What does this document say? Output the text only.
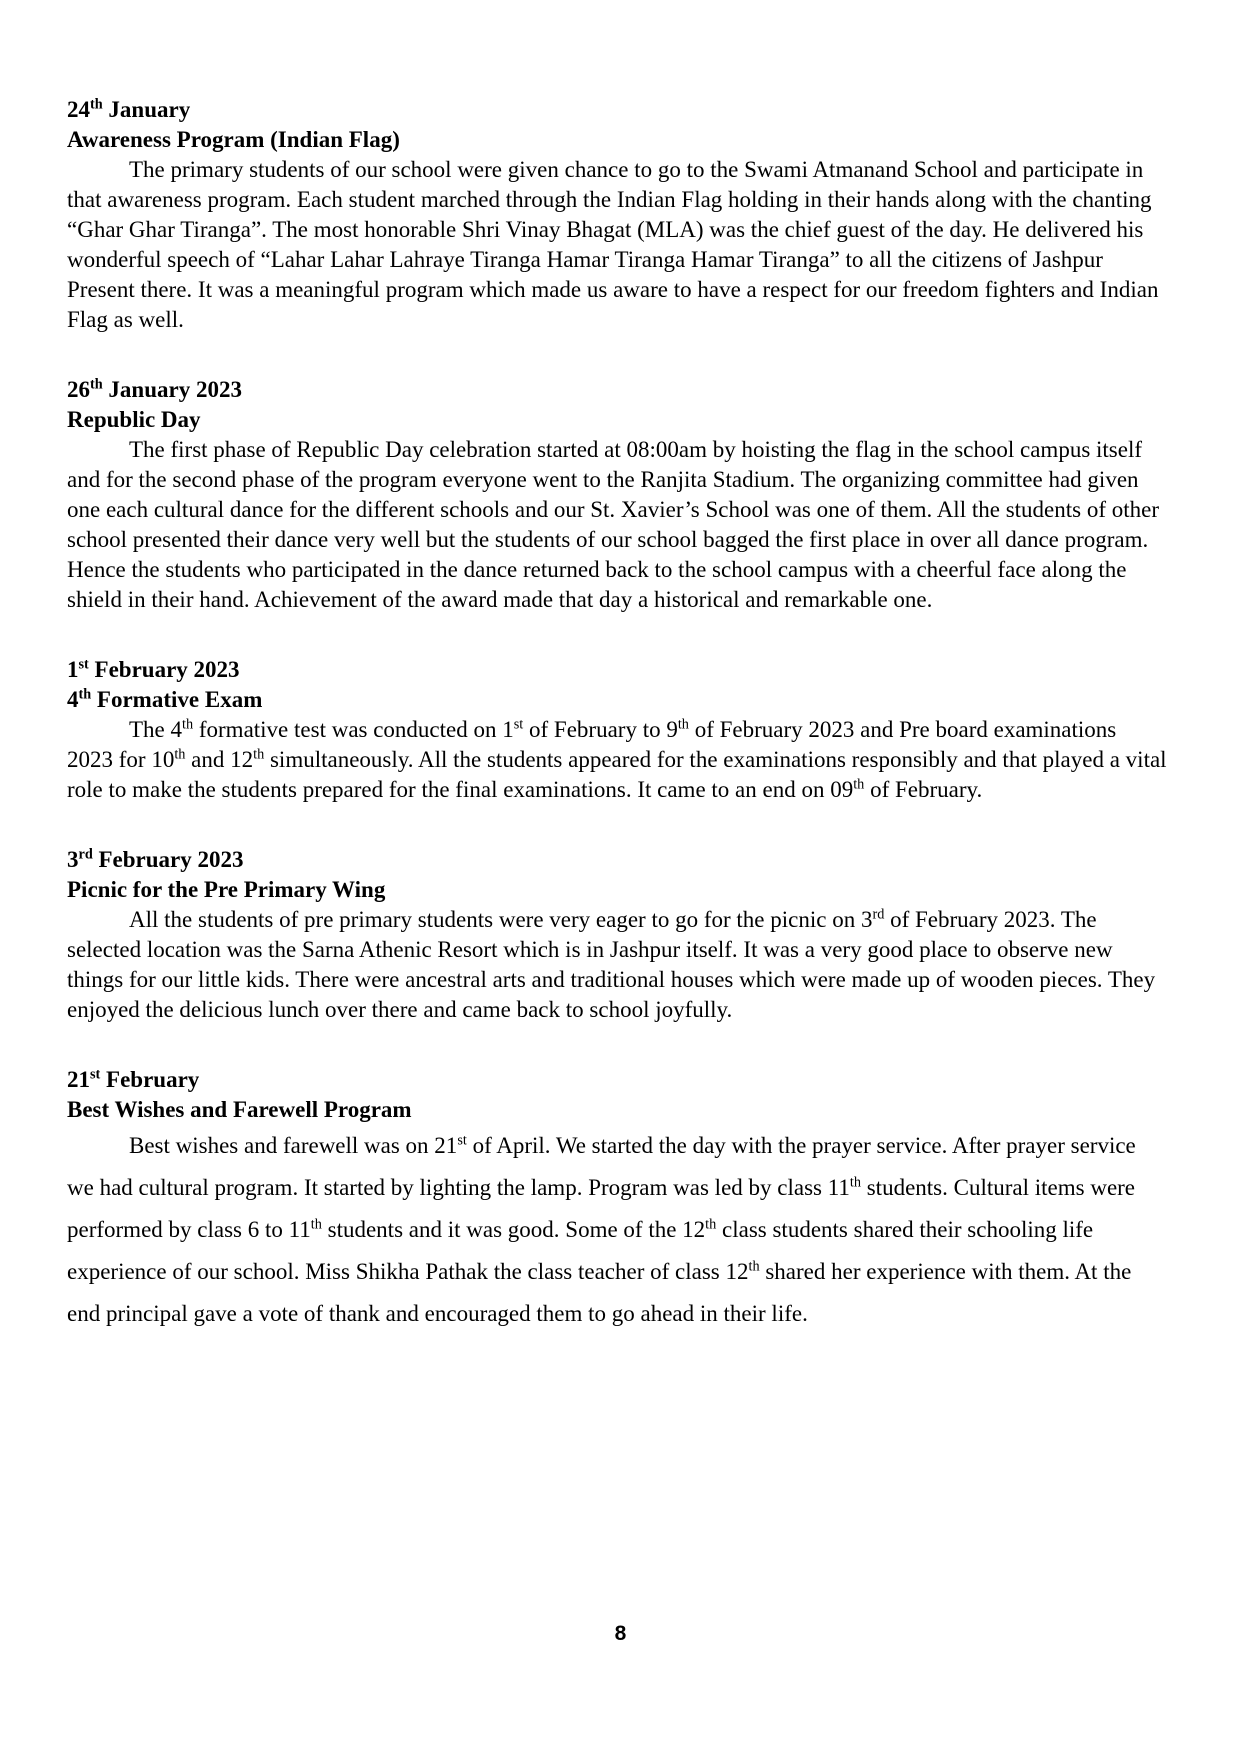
24th January
Awareness Program (Indian Flag)

The primary students of our school were given chance to go to the Swami Atmanand School and participate in that awareness program. Each student marched through the Indian Flag holding in their hands along with the chanting “Ghar Ghar Tiranga”. The most honorable Shri Vinay Bhagat (MLA) was the chief guest of the day. He delivered his wonderful speech of “Lahar Lahar Lahraye Tiranga Hamar Tiranga Hamar Tiranga” to all the citizens of Jashpur Present there. It was a meaningful program which made us aware to have a respect for our freedom fighters and Indian Flag as well.

26th January 2023
Republic Day

The first phase of Republic Day celebration started at 08:00am by hoisting the flag in the school campus itself and for the second phase of the program everyone went to the Ranjita Stadium. The organizing committee had given one each cultural dance for the different schools and our St. Xavier’s School was one of them. All the students of other school presented their dance very well but the students of our school bagged the first place in over all dance program. Hence the students who participated in the dance returned back to the school campus with a cheerful face along the shield in their hand. Achievement of the award made that day a historical and remarkable one.

1st February 2023
4th Formative Exam

The 4th formative test was conducted on 1st of February to 9th of February 2023 and Pre board examinations 2023 for 10th and 12th simultaneously. All the students appeared for the examinations responsibly and that played a vital role to make the students prepared for the final examinations. It came to an end on 09th of February.

3rd February 2023
Picnic for the Pre Primary Wing

All the students of pre primary students were very eager to go for the picnic on 3rd of February 2023. The selected location was the Sarna Athenic Resort which is in Jashpur itself. It was a very good place to observe new things for our little kids. There were ancestral arts and traditional houses which were made up of wooden pieces. They enjoyed the delicious lunch over there and came back to school joyfully.

21st February
Best Wishes and Farewell Program

Best wishes and farewell was on 21st of April. We started the day with the prayer service. After prayer service we had cultural program. It started by lighting the lamp. Program was led by class 11th students. Cultural items were performed by class 6 to 11th students and it was good. Some of the 12th class students shared their schooling life experience of our school. Miss Shikha Pathak the class teacher of class 12th shared her experience with them. At the end principal gave a vote of thank and encouraged them to go ahead in their life.

8
